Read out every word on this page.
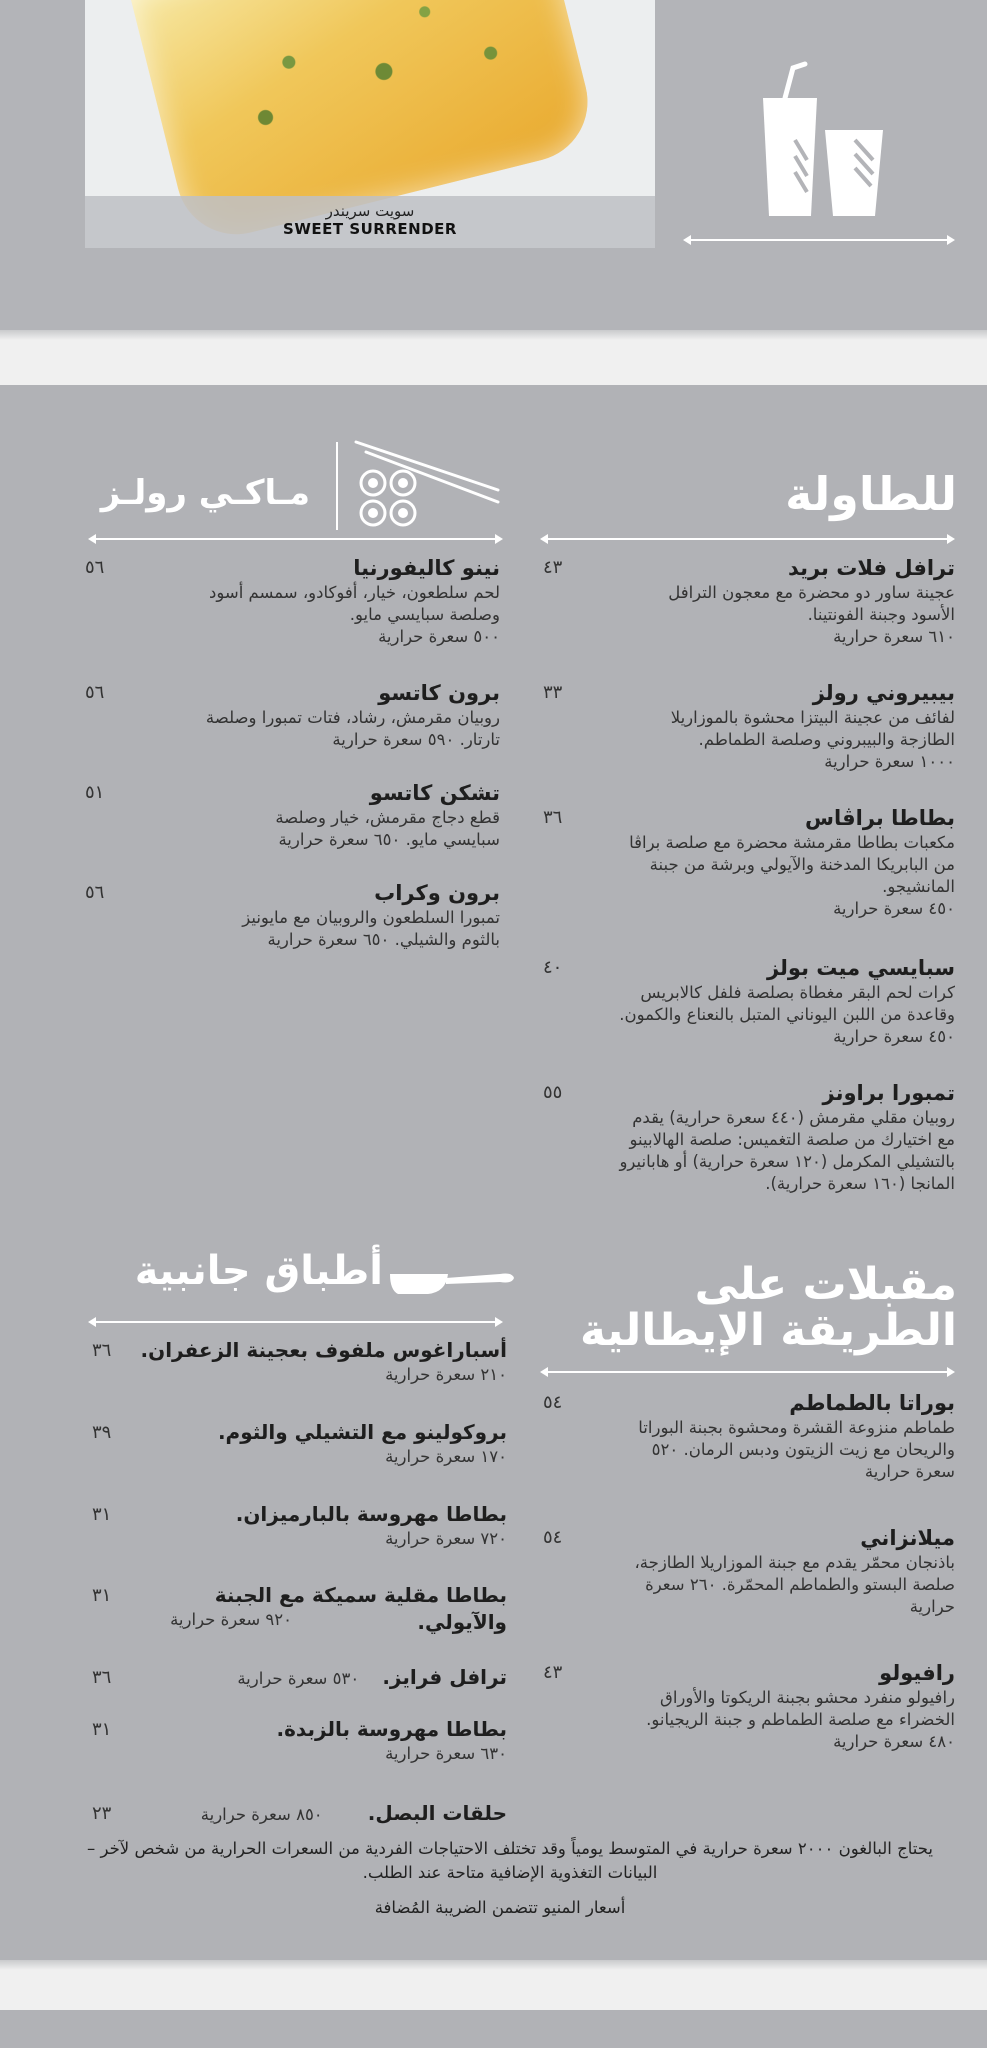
سويت سريندر
SWEET SURRENDER
للطاولة
مـاكـي رولـز
ترافل فلات بريد
عجينة ساور دو محضرة مع معجون الترافل الأسود وجبنة الفونتينا.
٦١٠ سعرة حرارية
٤٣
بيبيروني رولز
لفائف من عجينة البيتزا محشوة بالموزاريلا الطازجة والبيبروني وصلصة الطماطم.
١٠٠٠ سعرة حرارية
٣٣
بطاطا براڤاس
مكعبات بطاطا مقرمشة محضرة مع صلصة براڤا من البابريكا المدخنة والآيولي وبرشة من جبنة المانشيجو.
٤٥٠ سعرة حرارية
٣٦
سبايسي ميت بولز
كرات لحم البقر مغطاة بصلصة فلفل كالابريس وقاعدة من اللبن اليوناني المتبل بالنعناع والكمون. ٤٥٠ سعرة حرارية
٤٠
تمبورا براونز
روبيان مقلي مقرمش (٤٤٠ سعرة حرارية) يقدم مع اختيارك من صلصة التغميس: صلصة الهالابينو بالتشيلي المكرمل (١٢٠ سعرة حرارية) أو هابانيرو المانجا (١٦٠ سعرة حرارية).
٥٥
نينو كاليفورنيا
لحم سلطعون، خيار، أفوكادو، سمسم أسود وصلصة سبايسي مايو.
٥٠٠ سعرة حرارية
٥٦
برون كاتسو
روبيان مقرمش، رشاد، فتات تمبورا وصلصة تارتار. ٥٩٠ سعرة حرارية
٥٦
تشكن كاتسو
قطع دجاج مقرمش، خيار وصلصة سبايسي مايو. ٦٥٠ سعرة حرارية
٥١
برون وكراب
تمبورا السلطعون والروبيان مع مايونيز بالثوم والشيلي. ٦٥٠ سعرة حرارية
٥٦
مقبلات على
الطريقة الإيطالية
بوراتا بالطماطم
طماطم منزوعة القشرة ومحشوة بجبنة البوراتا والريحان مع زيت الزيتون ودبس الرمان. ٥٢٠ سعرة حرارية
٥٤
ميلانزاني
باذنجان محمّر يقدم مع جبنة الموزاريلا الطازجة، صلصة البستو والطماطم المحمّرة. ٢٦٠ سعرة حرارية
٥٤
رافيولو
رافيولو منفرد محشو بجبنة الريكوتا والأوراق الخضراء مع صلصة الطماطم و جبنة الريجيانو. ٤٨٠ سعرة حرارية
٤٣
أطباق جانبية
أسباراغوس ملفوف بعجينة الزعفران.
٢١٠ سعرة حرارية
٣٦
بروكولينو مع التشيلي والثوم.
١٧٠ سعرة حرارية
٣٩
بطاطا مهروسة بالبارميزان.
٧٢٠ سعرة حرارية
٣١
بطاطا مقلية سميكة مع الجبنة والآيولي.
٩٢٠ سعرة حرارية
٣١
ترافل فرايز. ٥٣٠ سعرة حرارية
٣٦
بطاطا مهروسة بالزبدة.
٦٣٠ سعرة حرارية
٣١
حلقات البصل. ٨٥٠ سعرة حرارية
٢٣
يحتاج البالغون ٢٠٠٠ سعرة حرارية في المتوسط يومياً وقد تختلف الاحتياجات الفردية من السعرات الحرارية من شخص لآخر – البيانات التغذوية الإضافية متاحة عند الطلب.
أسعار المنيو تتضمن الضريبة المُضافة
